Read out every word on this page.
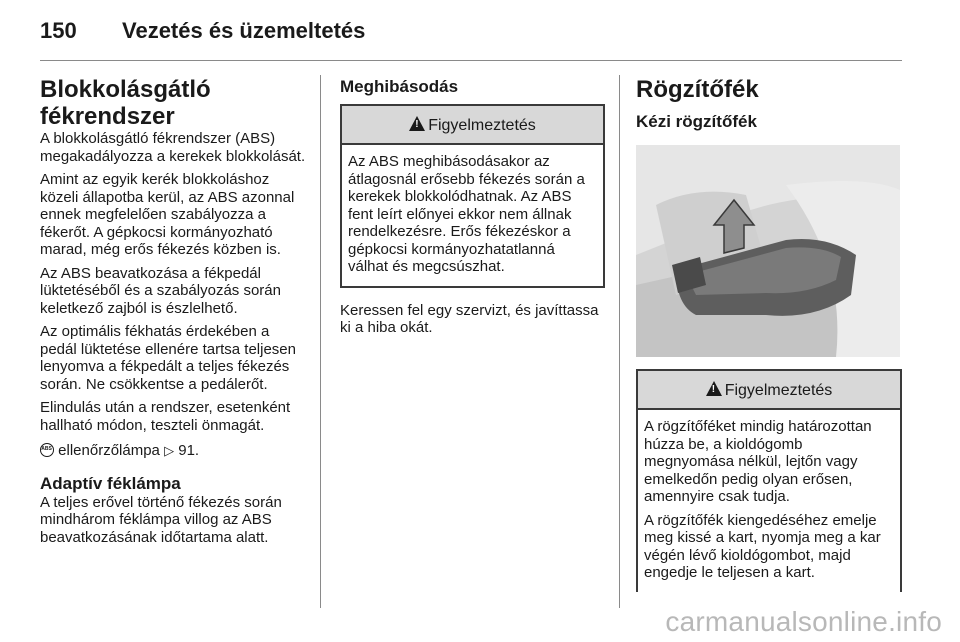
150 Vezetés és üzemeltetés
Blokkolásgátló
fékrendszer

A blokkolásgátló fékrendszer (ABS) megakadályozza a kerekek blokkolását.

Amint az egyik kerék blokkoláshoz közeli állapotba kerül, az ABS azonnal ennek megfelelően szabályozza a fékerőt. A gépkocsi kormányozható marad, még erős fékezés közben is.

Az ABS beavatkozása a fékpedál lüktetéséből és a szabályozás során keletkező zajból is észlelhető.

Az optimális fékhatás érdekében a pedál lüktetése ellenére tartsa teljesen lenyomva a fékpedált a teljes fékezés során. Ne csökkentse a pedálerőt.

Elindulás után a rendszer, esetenként hallható módon, teszteli önmagát.

ABS ellenőrzőlámpa ▷ 91.

Adaptív féklámpa

A teljes erővel történő fékezés során mindhárom féklámpa villog az ABS beavatkozásának időtartama alatt.

Meghibásodás
!Figyelmeztetés

Az ABS meghibásodásakor az átlagosnál erősebb fékezés során a kerekek blokkolódhatnak. Az ABS fent leírt előnyei ekkor nem állnak rendelkezésre. Erős fékezéskor a gépkocsi kormányozhatatlanná válhat és megcsúszhat.

Keressen fel egy szervizt, és javíttassa ki a hiba okát.

Rögzítőfék
Kézi rögzítőfék
!Figyelmeztetés

A rögzítőféket mindig határozottan húzza be, a kioldógomb megnyomása nélkül, lejtőn vagy emelkedőn pedig olyan erősen, amennyire csak tudja.

A rögzítőfék kiengedéséhez emelje meg kissé a kart, nyomja meg a kar végén lévő kioldógombot, majd engedje le teljesen a kart.

carmanualsonline.info
